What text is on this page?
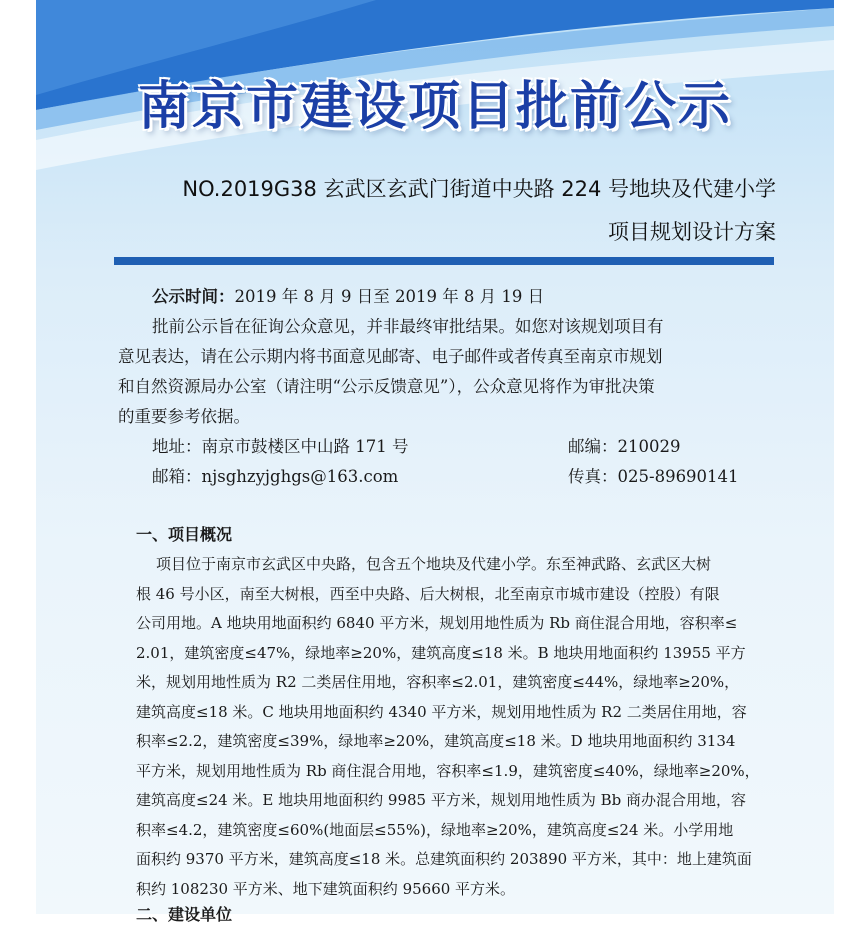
南京市建设项目批前公示
NO.2019G38 玄武区玄武门街道中央路 224 号地块及代建小学
项目规划设计方案
公示时间：2019 年 8 月 9 日至 2019 年 8 月 19 日
批前公示旨在征询公众意见，并非最终审批结果。如您对该规划项目有
意见表达，请在公示期内将书面意见邮寄、电子邮件或者传真至南京市规划
和自然资源局办公室（请注明“公示反馈意见”），公众意见将作为审批决策
的重要参考依据。
地址：南京市鼓楼区中山路 171 号	邮编：210029
邮箱：njsghzyjghgs@163.com	传真：025-89690141
一、项目概况
项目位于南京市玄武区中央路，包含五个地块及代建小学。东至神武路、玄武区大树
根 46 号小区，南至大树根，西至中央路、后大树根，北至南京市城市建设（控股）有限
公司用地。A 地块用地面积约 6840 平方米，规划用地性质为 Rb 商住混合用地，容积率≤
2.01，建筑密度≤47%，绿地率≥20%，建筑高度≤18 米。B 地块用地面积约 13955 平方
米，规划用地性质为 R2 二类居住用地，容积率≤2.01，建筑密度≤44%，绿地率≥20%，
建筑高度≤18 米。C 地块用地面积约 4340 平方米，规划用地性质为 R2 二类居住用地，容
积率≤2.2，建筑密度≤39%，绿地率≥20%，建筑高度≤18 米。D 地块用地面积约 3134
平方米，规划用地性质为 Rb 商住混合用地，容积率≤1.9，建筑密度≤40%，绿地率≥20%，
建筑高度≤24 米。E 地块用地面积约 9985 平方米，规划用地性质为 Bb 商办混合用地，容
积率≤4.2，建筑密度≤60%(地面层≤55%)，绿地率≥20%，建筑高度≤24 米。小学用地
面积约 9370 平方米，建筑高度≤18 米。总建筑面积约 203890 平方米，其中：地上建筑面
积约 108230 平方米、地下建筑面积约 95660 平方米。
二、建设单位
